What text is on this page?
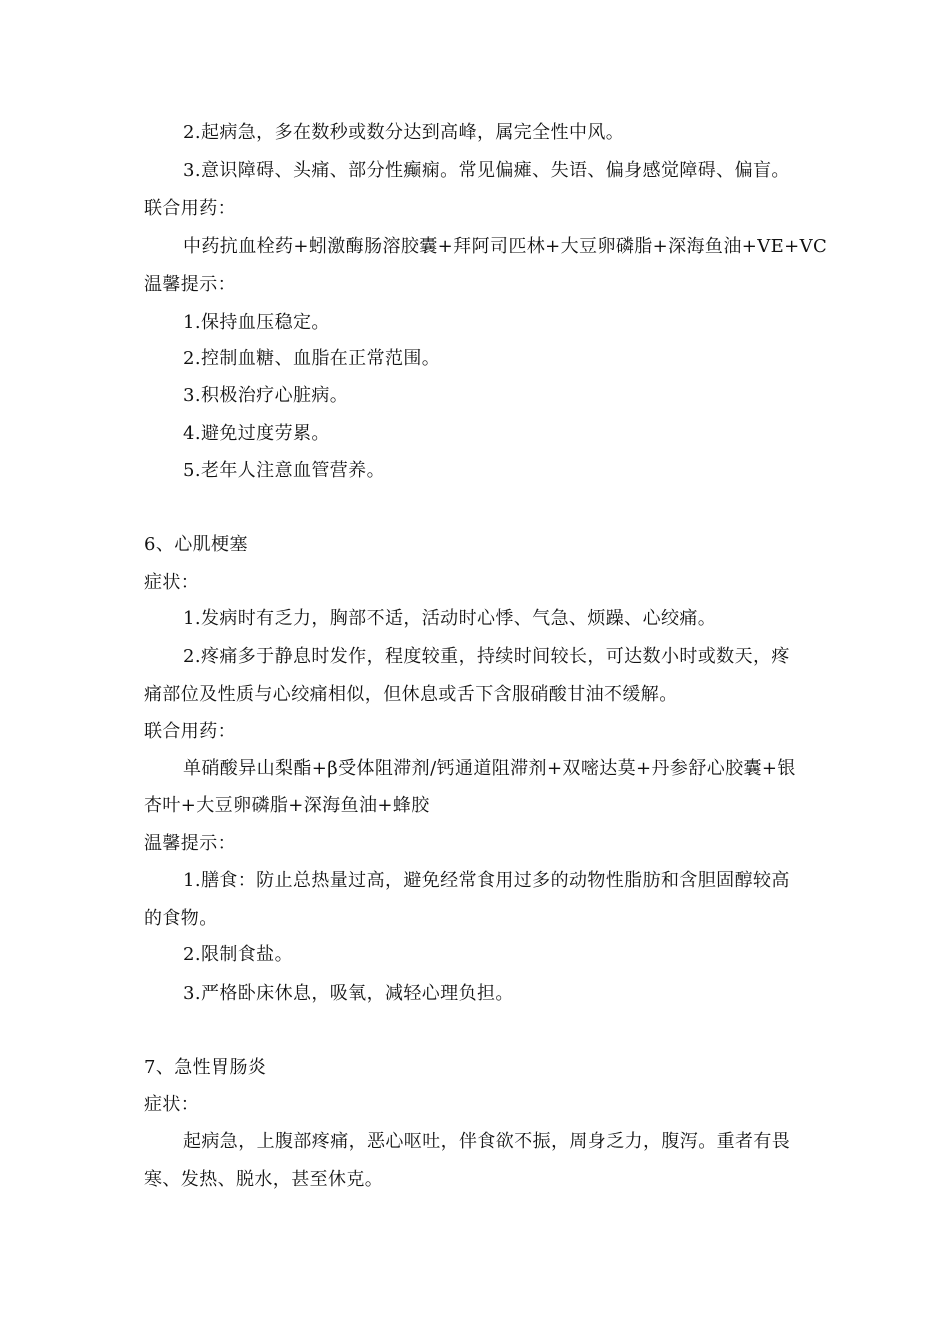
2.起病急，多在数秒或数分达到高峰，属完全性中风。
3.意识障碍、头痛、部分性癫痫。常见偏瘫、失语、偏身感觉障碍、偏盲。
联合用药：
中药抗血栓药+蚓激酶肠溶胶囊+拜阿司匹林+大豆卵磷脂+深海鱼油+VE+VC
温馨提示：
1.保持血压稳定。
2.控制血糖、血脂在正常范围。
3.积极治疗心脏病。
4.避免过度劳累。
5.老年人注意血管营养。
6、心肌梗塞
症状：
1.发病时有乏力，胸部不适，活动时心悸、气急、烦躁、心绞痛。
2.疼痛多于静息时发作，程度较重，持续时间较长，可达数小时或数天，疼
痛部位及性质与心绞痛相似，但休息或舌下含服硝酸甘油不缓解。
联合用药：
单硝酸异山梨酯+β受体阻滞剂/钙通道阻滞剂+双嘧达莫+丹参舒心胶囊+银
杏叶+大豆卵磷脂+深海鱼油+蜂胶
温馨提示：
1.膳食：防止总热量过高，避免经常食用过多的动物性脂肪和含胆固醇较高
的食物。
2.限制食盐。
3.严格卧床休息，吸氧，减轻心理负担。
7、急性胃肠炎
症状：
起病急，上腹部疼痛，恶心呕吐，伴食欲不振，周身乏力，腹泻。重者有畏
寒、发热、脱水，甚至休克。
